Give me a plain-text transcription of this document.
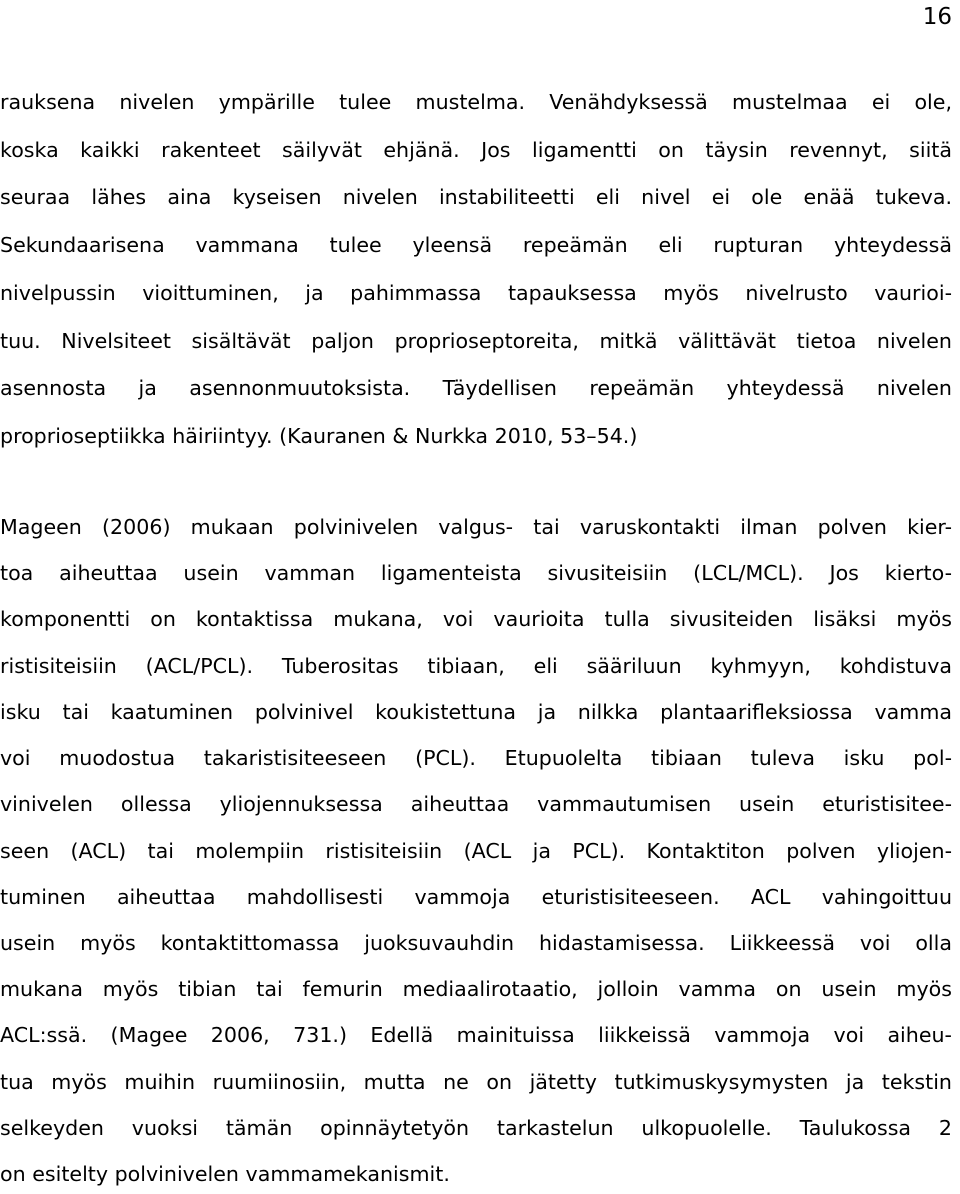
16
rauksena nivelen ympärille tulee mustelma. Venähdyksessä mustelmaa ei ole,
koska kaikki rakenteet säilyvät ehjänä. Jos ligamentti on täysin revennyt, siitä
seuraa lähes aina kyseisen nivelen instabiliteetti eli nivel ei ole enää tukeva.
Sekundaarisena vammana tulee yleensä repeämän eli rupturan yhteydessä
nivelpussin vioittuminen, ja pahimmassa tapauksessa myös nivelrusto vaurioi-
tuu. Nivelsiteet sisältävät paljon proprioseptoreita, mitkä välittävät tietoa nivelen
asennosta ja asennonmuutoksista. Täydellisen repeämän yhteydessä nivelen
proprioseptiikka häiriintyy. (Kauranen & Nurkka 2010, 53–54.)
Mageen (2006) mukaan polvinivelen valgus- tai varuskontakti ilman polven kier-
toa aiheuttaa usein vamman ligamenteista sivusiteisiin (LCL/MCL). Jos kierto-
komponentti on kontaktissa mukana, voi vaurioita tulla sivusiteiden lisäksi myös
ristisiteisiin (ACL/PCL). Tuberositas tibiaan, eli sääriluun kyhmyyn, kohdistuva
isku tai kaatuminen polvinivel koukistettuna ja nilkka plantaarifleksiossa vamma
voi muodostua takaristisiteeseen (PCL). Etupuolelta tibiaan tuleva isku pol-
vinivelen ollessa yliojennuksessa aiheuttaa vammautumisen usein eturistisitee-
seen (ACL) tai molempiin ristisiteisiin (ACL ja PCL). Kontaktiton polven yliojen-
tuminen aiheuttaa mahdollisesti vammoja eturistisiteeseen. ACL vahingoittuu
usein myös kontaktittomassa juoksuvauhdin hidastamisessa. Liikkeessä voi olla
mukana myös tibian tai femurin mediaalirotaatio, jolloin vamma on usein myös
ACL:ssä. (Magee 2006, 731.) Edellä mainituissa liikkeissä vammoja voi aiheu-
tua myös muihin ruumiinosiin, mutta ne on jätetty tutkimuskysymysten ja tekstin
selkeyden vuoksi tämän opinnäytetyön tarkastelun ulkopuolelle. Taulukossa 2
on esitelty polvinivelen vammamekanismit.
